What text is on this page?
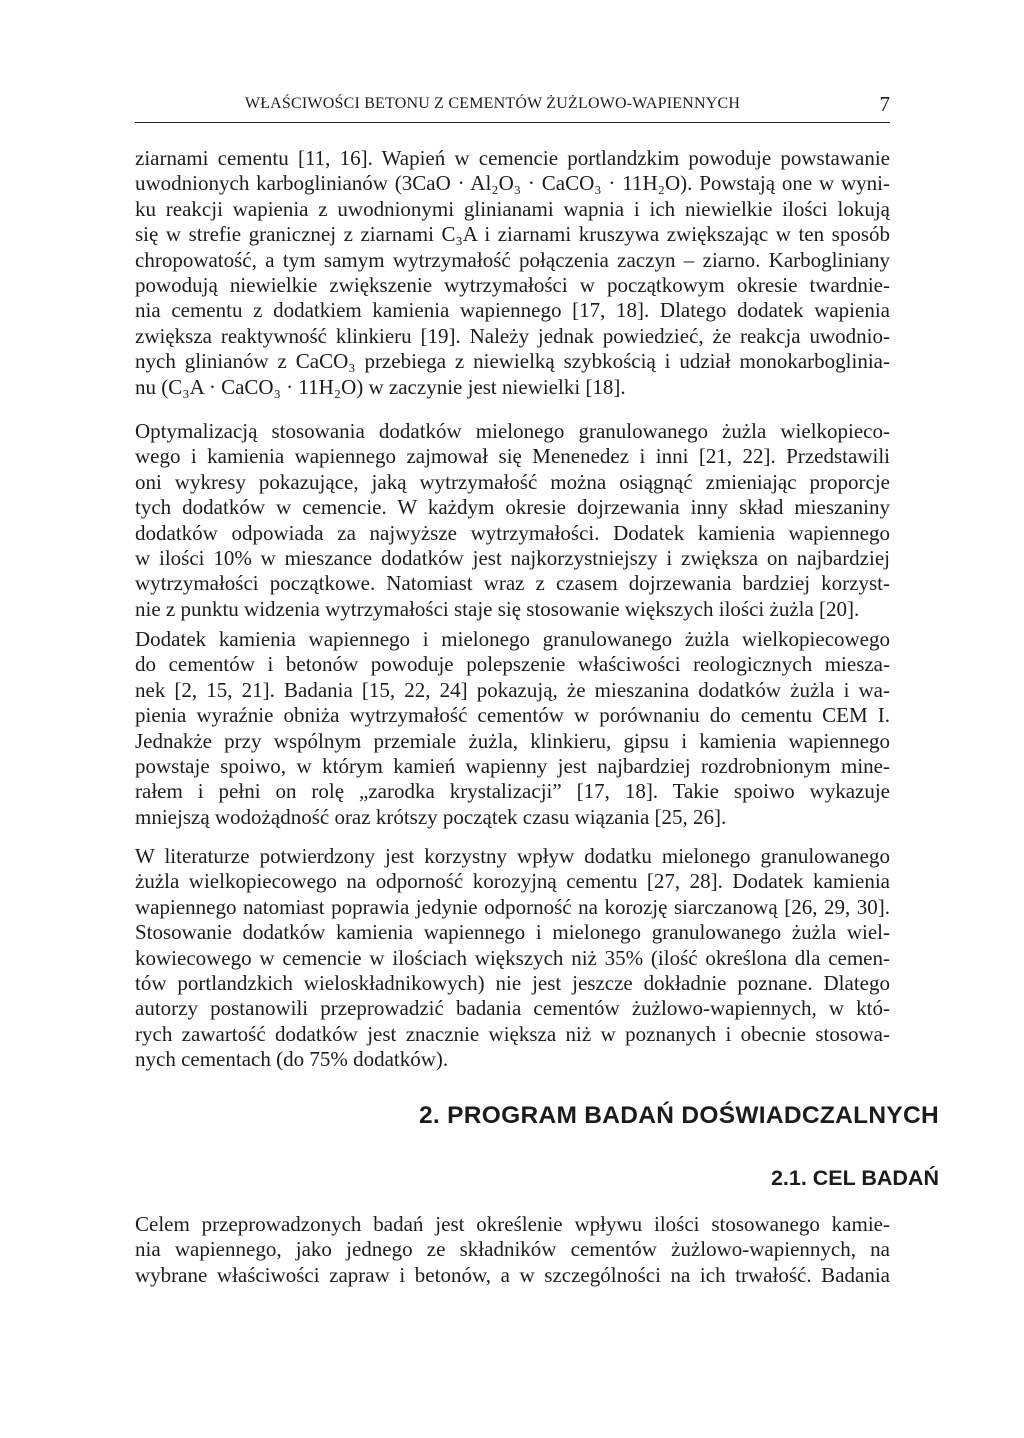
WŁAŚCIWOŚCI BETONU Z CEMENTÓW ŻUŻLOWO-WAPIENNYCH	7

ziarnami cementu [11, 16]. Wapień w cemencie portlandzkim powoduje powstawanie
uwodnionych karboglinianów (3CaO · Al₂O₃ · CaCO₃ · 11H₂O). Powstają one w wyni-
ku reakcji wapienia z uwodnionymi glinianami wapnia i ich niewielkie ilości lokują
się w strefie granicznej z ziarnami C₃A i ziarnami kruszywa zwiększając w ten sposób
chropowatość, a tym samym wytrzymałość połączenia zaczyn – ziarno. Karbogliniany
powodują niewielkie zwiększenie wytrzymałości w początkowym okresie twardnie-
nia cementu z dodatkiem kamienia wapiennego [17, 18]. Dlatego dodatek wapienia
zwiększa reaktywność klinkieru [19]. Należy jednak powiedzieć, że reakcja uwodnio-
nych glinianów z CaCO₃ przebiega z niewielką szybkością i udział monokarboglinia-
nu (C₃A · CaCO₃ · 11H₂O) w zaczynie jest niewielki [18].

Optymalizacją stosowania dodatków mielonego granulowanego żużla wielkopieco-
wego i kamienia wapiennego zajmował się Menenedez i inni [21, 22]. Przedstawili
oni wykresy pokazujące, jaką wytrzymałość można osiągnąć zmieniając proporcje
tych dodatków w cemencie. W każdym okresie dojrzewania inny skład mieszaniny
dodatków odpowiada za najwyższe wytrzymałości. Dodatek kamienia wapiennego
w ilości 10% w mieszance dodatków jest najkorzystniejszy i zwiększa on najbardziej
wytrzymałości początkowe. Natomiast wraz z czasem dojrzewania bardziej korzyst-
nie z punktu widzenia wytrzymałości staje się stosowanie większych ilości żużla [20].

Dodatek kamienia wapiennego i mielonego granulowanego żużla wielkopiecowego
do cementów i betonów powoduje polepszenie właściwości reologicznych miesza-
nek [2, 15, 21]. Badania [15, 22, 24] pokazują, że mieszanina dodatków żużla i wa-
pienia wyraźnie obniża wytrzymałość cementów w porównaniu do cementu CEM I.
Jednakże przy wspólnym przemiale żużla, klinkieru, gipsu i kamienia wapiennego
powstaje spoiwo, w którym kamień wapienny jest najbardziej rozdrobnionym mine-
rałem i pełni on rolę „zarodka krystalizacji” [17, 18]. Takie spoiwo wykazuje
mniejszą wodożądność oraz krótszy początek czasu wiązania [25, 26].

W literaturze potwierdzony jest korzystny wpływ dodatku mielonego granulowanego
żużla wielkopiecowego na odporność korozyjną cementu [27, 28]. Dodatek kamienia
wapiennego natomiast poprawia jedynie odporność na korozję siarczanową [26, 29, 30].
Stosowanie dodatków kamienia wapiennego i mielonego granulowanego żużla wiel-
kowiecowego w cemencie w ilościach większych niż 35% (ilość określona dla cemen-
tów portlandzkich wieloskładnikowych) nie jest jeszcze dokładnie poznane. Dlatego
autorzy postanowili przeprowadzić badania cementów żużlowo-wapiennych, w któ-
rych zawartość dodatków jest znacznie większa niż w poznanych i obecnie stosowa-
nych cementach (do 75% dodatków).

2. PROGRAM BADAŃ DOŚWIADCZALNYCH
2.1. CEL BADAŃ

Celem przeprowadzonych badań jest określenie wpływu ilości stosowanego kamie-
nia wapiennego, jako jednego ze składników cementów żużlowo-wapiennych, na
wybrane właściwości zapraw i betonów, a w szczególności na ich trwałość. Badania
